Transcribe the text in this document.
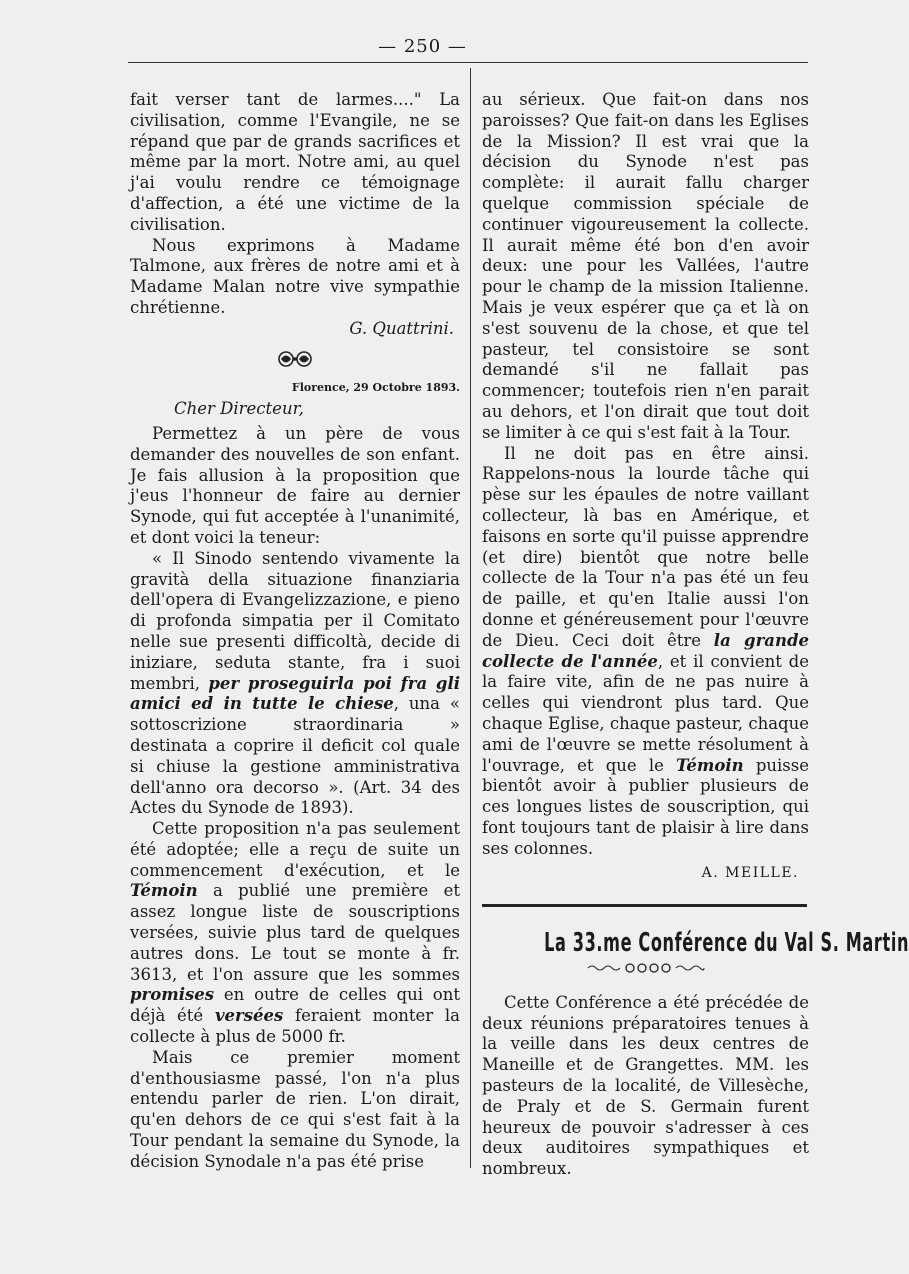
— 250 —

fait verser tant de larmes...." La civilisation, comme l'Evangile, ne se répand que par de grands sacrifices et même par la mort. Notre ami, au quel j'ai voulu rendre ce témoignage d'affection, a été une victime de la civilisation.

Nous exprimons à Madame Talmone, aux frères de notre ami et à Madame Malan notre vive sympathie chrétienne.

G. Quattrini.

Florence, 29 Octobre 1893.

Cher Directeur,

Permettez à un père de vous demander des nouvelles de son enfant. Je fais allusion à la proposition que j'eus l'honneur de faire au dernier Synode, qui fut acceptée à l'unanimité, et dont voici la teneur:

« Il Sinodo sentendo vivamente la gravità della situazione finanziaria dell'opera di Evangelizzazione, e pieno di profonda simpatia per il Comitato nelle sue presenti difficoltà, decide di iniziare, seduta stante, fra i suoi membri, per proseguirla poi fra gli amici ed in tutte le chiese, una « sottoscrizione straordinaria » destinata a coprire il deficit col quale si chiuse la gestione amministrativa dell'anno ora decorso ». (Art. 34 des Actes du Synode de 1893).

Cette proposition n'a pas seulement été adoptée; elle a reçu de suite un commencement d'exécution, et le Témoin a publié une première et assez longue liste de souscriptions versées, suivie plus tard de quelques autres dons. Le tout se monte à fr. 3613, et l'on assure que les sommes promises en outre de celles qui ont déjà été versées feraient monter la collecte à plus de 5000 fr.

Mais ce premier moment d'enthousiasme passé, l'on n'a plus entendu parler de rien. L'on dirait, qu'en dehors de ce qui s'est fait à la Tour pendant la semaine du Synode, la décision Synodale n'a pas été prise

au sérieux. Que fait-on dans nos paroisses? Que fait-on dans les Eglises de la Mission? Il est vrai que la décision du Synode n'est pas complète: il aurait fallu charger quelque commission spéciale de continuer vigoureusement la collecte. Il aurait même été bon d'en avoir deux: une pour les Vallées, l'autre pour le champ de la mission Italienne. Mais je veux espérer que ça et là on s'est souvenu de la chose, et que tel pasteur, tel consistoire se sont demandé s'il ne fallait pas commencer; toutefois rien n'en parait au dehors, et l'on dirait que tout doit se limiter à ce qui s'est fait à la Tour.

Il ne doit pas en être ainsi. Rappelons-nous la lourde tâche qui pèse sur les épaules de notre vaillant collecteur, là bas en Amérique, et faisons en sorte qu'il puisse apprendre (et dire) bientôt que notre belle collecte de la Tour n'a pas été un feu de paille, et qu'en Italie aussi l'on donne et généreusement pour l'œuvre de Dieu. Ceci doit être la grande collecte de l'année, et il convient de la faire vite, afin de ne pas nuire à celles qui viendront plus tard. Que chaque Eglise, chaque pasteur, chaque ami de l'œuvre se mette résolument à l'ouvrage, et que le Témoin puisse bientôt avoir à publier plusieurs de ces longues listes de souscription, qui font toujours tant de plaisir à lire dans ses colonnes.

A. MEILLE.

La 33.me Conférence du Val S. Martin

Cette Conférence a été précédée de deux réunions préparatoires tenues à la veille dans les deux centres de Maneille et de Grangettes. MM. les pasteurs de la localité, de Villesèche, de Praly et de S. Germain furent heureux de pouvoir s'adresser à ces deux auditoires sympathiques et nombreux.
